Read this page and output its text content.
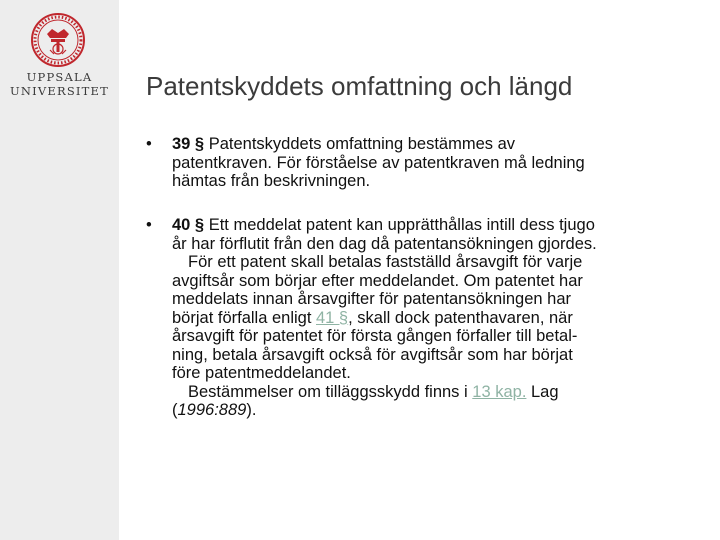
UPPSALA
UNIVERSITET	Patentskyddets omfattning och längd
• 39 § Patentskyddets omfattning bestämmes av
patentkraven. För förståelse av patentkraven må ledning
hämtas från beskrivningen.
• 40 § Ett meddelat patent kan upprätthållas intill dess tjugo
år har förflutit från den dag då patentansökningen gjordes.
För ett patent skall betalas fastställd årsavgift för varje
avgiftsår som börjar efter meddelandet. Om patentet har
meddelats innan årsavgifter för patentansökningen har
börjat förfalla enligt 41 §, skall dock patenthavaren, när
årsavgift för patentet för första gången förfaller till betal-
ning, betala årsavgift också för avgiftsår som har börjat
före patentmeddelandet.
Bestämmelser om tilläggsskydd finns i 13 kap. Lag
(1996:889).
